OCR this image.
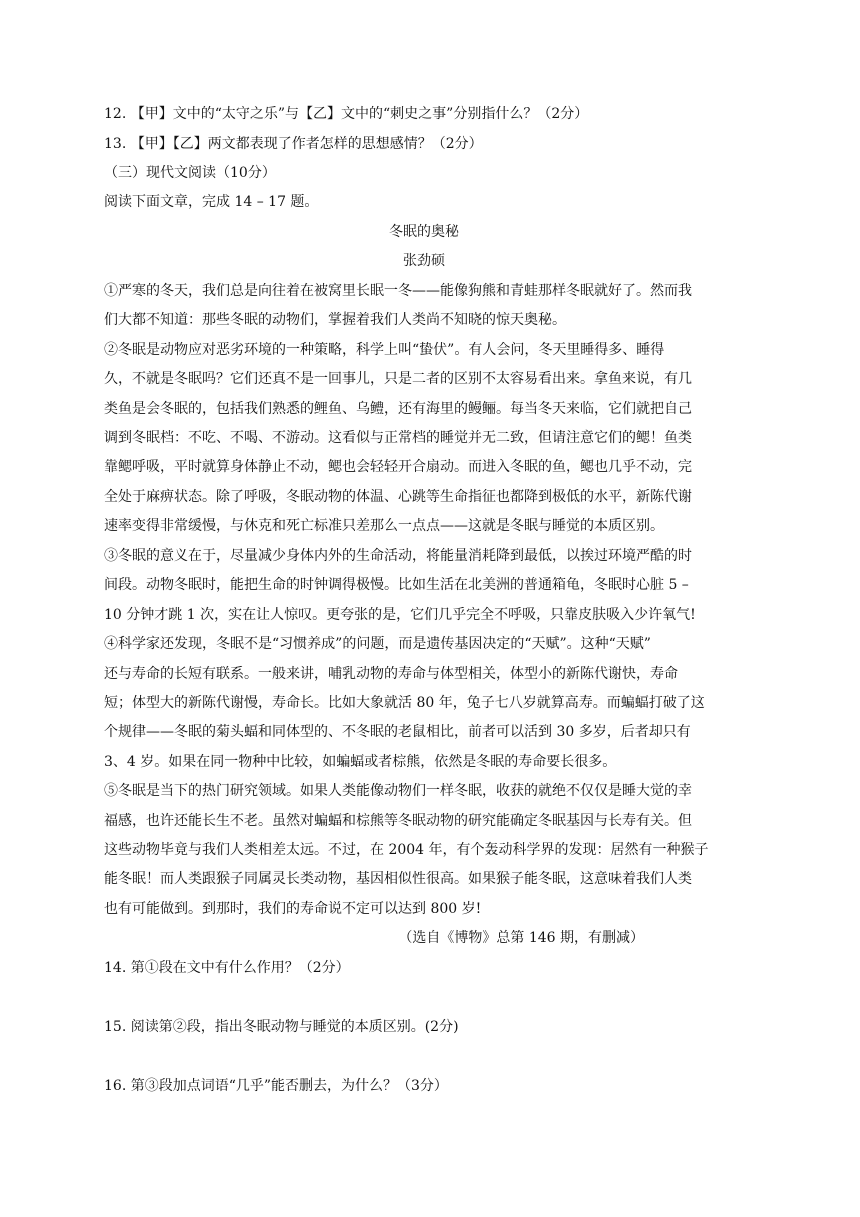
12. 【甲】文中的“太守之乐”与【乙】文中的“刺史之事”分别指什么？（2分）
13. 【甲】【乙】两文都表现了作者怎样的思想感情？（2分）
（三）现代文阅读（10分）
阅读下面文章，完成 14 – 17 题。
冬眠的奥秘
张劲硕
①严寒的冬天，我们总是向往着在被窝里长眠一冬——能像狗熊和青蛙那样冬眠就好了。然而我
们大都不知道：那些冬眠的动物们，掌握着我们人类尚不知晓的惊天奥秘。
②冬眠是动物应对恶劣环境的一种策略，科学上叫“蛰伏”。有人会问，冬天里睡得多、睡得
久，不就是冬眠吗？它们还真不是一回事儿，只是二者的区别不太容易看出来。拿鱼来说，有几
类鱼是会冬眠的，包括我们熟悉的鲤鱼、乌鳢，还有海里的鳗鲡。每当冬天来临，它们就把自己
调到冬眠档：不吃、不喝、不游动。这看似与正常档的睡觉并无二致，但请注意它们的鳃！鱼类
靠鳃呼吸，平时就算身体静止不动，鳃也会轻轻开合扇动。而进入冬眠的鱼，鳃也几乎不动，完
全处于麻痹状态。除了呼吸，冬眠动物的体温、心跳等生命指征也都降到极低的水平，新陈代谢
速率变得非常缓慢，与休克和死亡标准只差那么一点点——这就是冬眠与睡觉的本质区别。
③冬眠的意义在于，尽量减少身体内外的生命活动，将能量消耗降到最低，以挨过环境严酷的时
间段。动物冬眠时，能把生命的时钟调得极慢。比如生活在北美洲的普通箱龟，冬眠时心脏 5 –
10 分钟才跳 1 次，实在让人惊叹。更夸张的是，它们几乎完全不呼吸，只靠皮肤吸入少许氧气!
④科学家还发现，冬眠不是“习惯养成”的问题，而是遗传基因决定的“天赋”。这种“天赋”
还与寿命的长短有联系。一般来讲，哺乳动物的寿命与体型相关，体型小的新陈代谢快，寿命
短；体型大的新陈代谢慢，寿命长。比如大象就活 80 年，兔子七八岁就算高寿。而蝙蝠打破了这
个规律——冬眠的菊头蝠和同体型的、不冬眠的老鼠相比，前者可以活到 30 多岁，后者却只有
3、4 岁。如果在同一物种中比较，如蝙蝠或者棕熊，依然是冬眠的寿命要长很多。
⑤冬眠是当下的热门研究领域。如果人类能像动物们一样冬眠，收获的就绝不仅仅是睡大觉的幸
福感，也许还能长生不老。虽然对蝙蝠和棕熊等冬眠动物的研究能确定冬眠基因与长寿有关。但
这些动物毕竟与我们人类相差太远。不过，在 2004 年，有个轰动科学界的发现：居然有一种猴子
能冬眠！而人类跟猴子同属灵长类动物，基因相似性很高。如果猴子能冬眠，这意味着我们人类
也有可能做到。到那时，我们的寿命说不定可以达到 800 岁!
（选自《博物》总第 146 期，有删减）
14. 第①段在文中有什么作用？（2分）
15. 阅读第②段，指出冬眠动物与睡觉的本质区别。(2分)
16. 第③段加点词语“几乎”能否删去，为什么？（3分）
